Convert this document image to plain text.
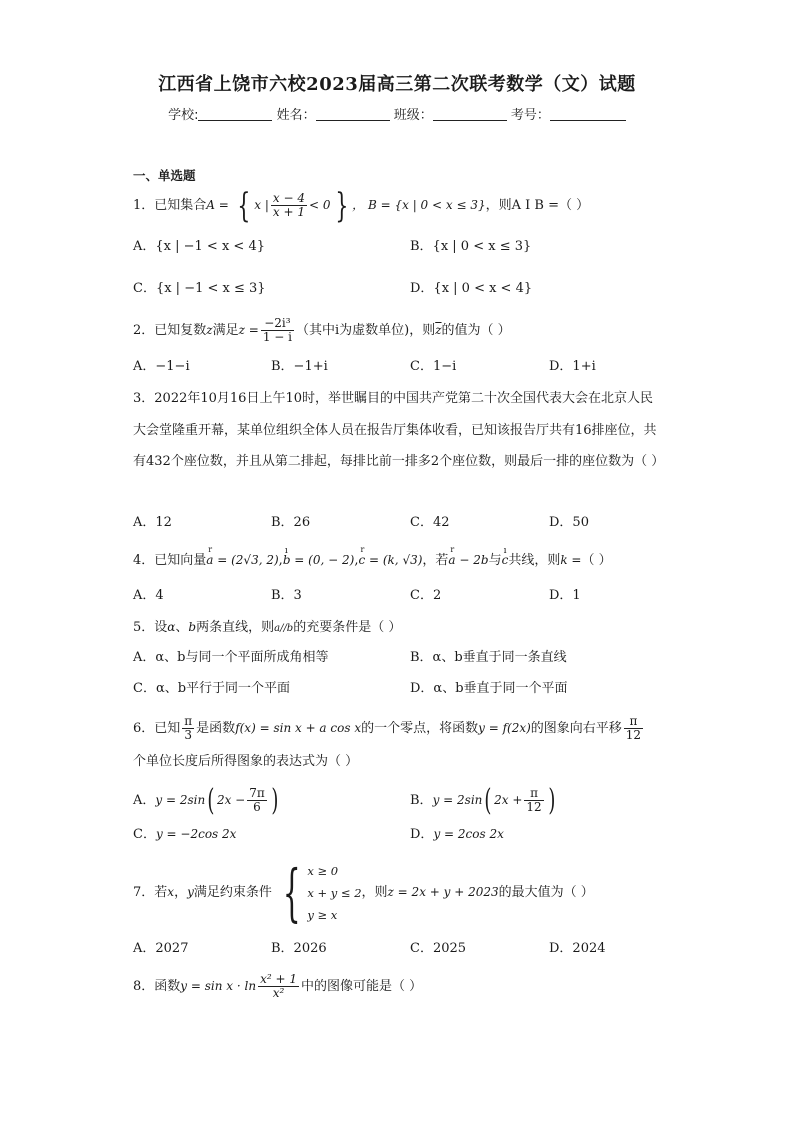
江西省上饶市六校2023届高三第二次联考数学（文）试题
学校:	姓名：	班级：	考号：
一、单选题
1．已知集合A = { x | $\frac{x - 4}{x + 1} < 0$ } ， B = {x | 0 < x ≤ 3}，则A I B =（ ）
A．{x | −1 < x < 4}	B．{x | 0 < x ≤ 3}
C．{x | −1 < x ≤ 3}	D．{x | 0 < x < 4}
2．已知复数z满足$z = \frac{\text{−2i³}}{1 - i}$ （其中i为虚数单位)，则$\overline{z}$的值为（ ）
A．−1−i	B．−1+i	C．1−i	D．1+i
3．2022年10月16日上午10时，举世瞩目的中国共产党第二十次全国代表大会在北京人民大会堂隆重开幕，某单位组织全体人员在报告厅集体收看，已知该报告厅共有16排座位，共有432个座位数，并且从第二排起，每排比前一排多2个座位数，则最后一排的座位数为（ ）
A．12	B．26	C．42	D．50
4．已知向量r a = (2√3, 2),ı b = (0, − 2),r c = (k, √3)，若r a − 2b与ı c共线，则k =（ ）
A．4	B．3	C．2	D．1
5．设α、b两条直线，则a//b的充要条件是（ ）
A．α、b与同一个平面所成角相等	B．α、b垂直于同一条直线
C．α、b平行于同一个平面	D．α、b垂直于同一个平面
6．已知 $\frac{\pi}{3}$ 是函数f(x) = sin x + a cos x的一个零点，将函数y = f(2x)的图象向右平移 $\frac{\pi}{12}$
个单位长度后所得图象的表达式为（ ）
A．y = 2sin( $2x - \frac{7\pi}{6}$ )	B．y = 2sin( $2x + \frac{\pi}{12}$ )
C．y = −2cos 2x	D．y = 2cos 2x
7．若x，y满足约束条件 { x ≥ 0
x + y ≤ 2
y ≥ x
，则z = 2x + y + 2023的最大值为（ ）
A．2027	B．2026	C．2025	D．2024
8．函数$y = \sin x \cdot \ln \frac{\text{x² + 1}}{\text{x²}}$ 中的图像可能是（ ）
